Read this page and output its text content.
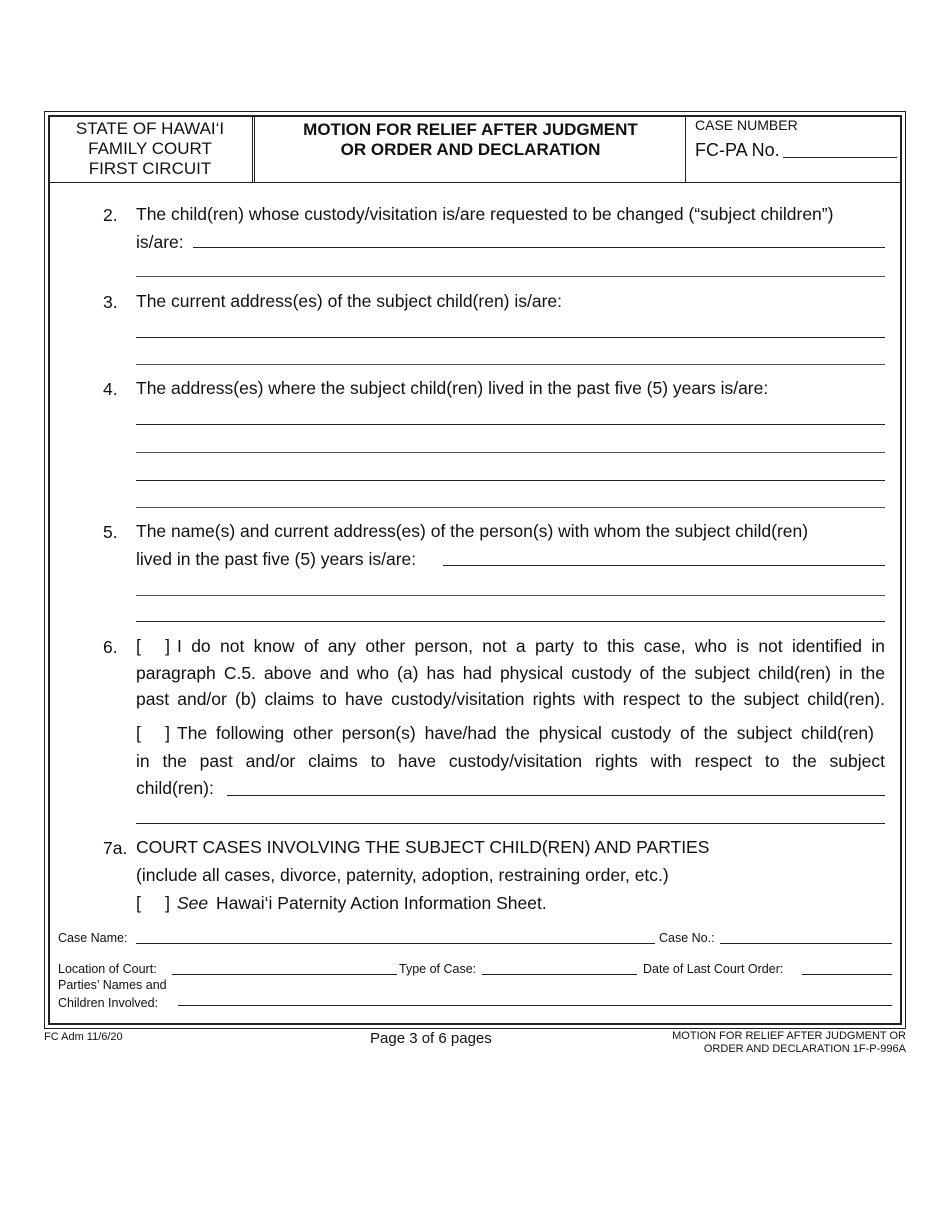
STATE OF HAWAI‘I
FAMILY COURT
FIRST CIRCUIT
MOTION FOR RELIEF AFTER JUDGMENT
OR ORDER AND DECLARATION
CASE NUMBER
FC-PA No.
2. The child(ren) whose custody/visitation is/are requested to be changed (“subject children”)
is/are:
3. The current address(es) of the subject child(ren) is/are:
4. The address(es) where the subject child(ren) lived in the past five (5) years is/are:
5. The name(s) and current address(es) of the person(s) with whom the subject child(ren)
lived in the past five (5) years is/are:
6. [     ] I do not know of any other person, not a party to this case, who is not identified in
paragraph C.5. above and who (a) has had physical custody of the subject child(ren) in the
past and/or (b) claims to have custody/visitation rights with respect to the subject child(ren).
[     ] The following other person(s) have/had the physical custody of the subject child(ren)
in the past and/or claims to have custody/visitation rights with respect to the subject
child(ren):
7a. COURT CASES INVOLVING THE SUBJECT CHILD(REN) AND PARTIES
(include all cases, divorce, paternity, adoption, restraining order, etc.)
[     ] See Hawai‘i Paternity Action Information Sheet.
Case Name:	Case No.:
Location of Court:	Type of Case:	Date of Last Court Order:
Parties’ Names and
Children Involved:
FC Adm 11/6/20	Page 3 of 6 pages	MOTION FOR RELIEF AFTER JUDGMENT OR
ORDER AND DECLARATION 1F-P-996A
